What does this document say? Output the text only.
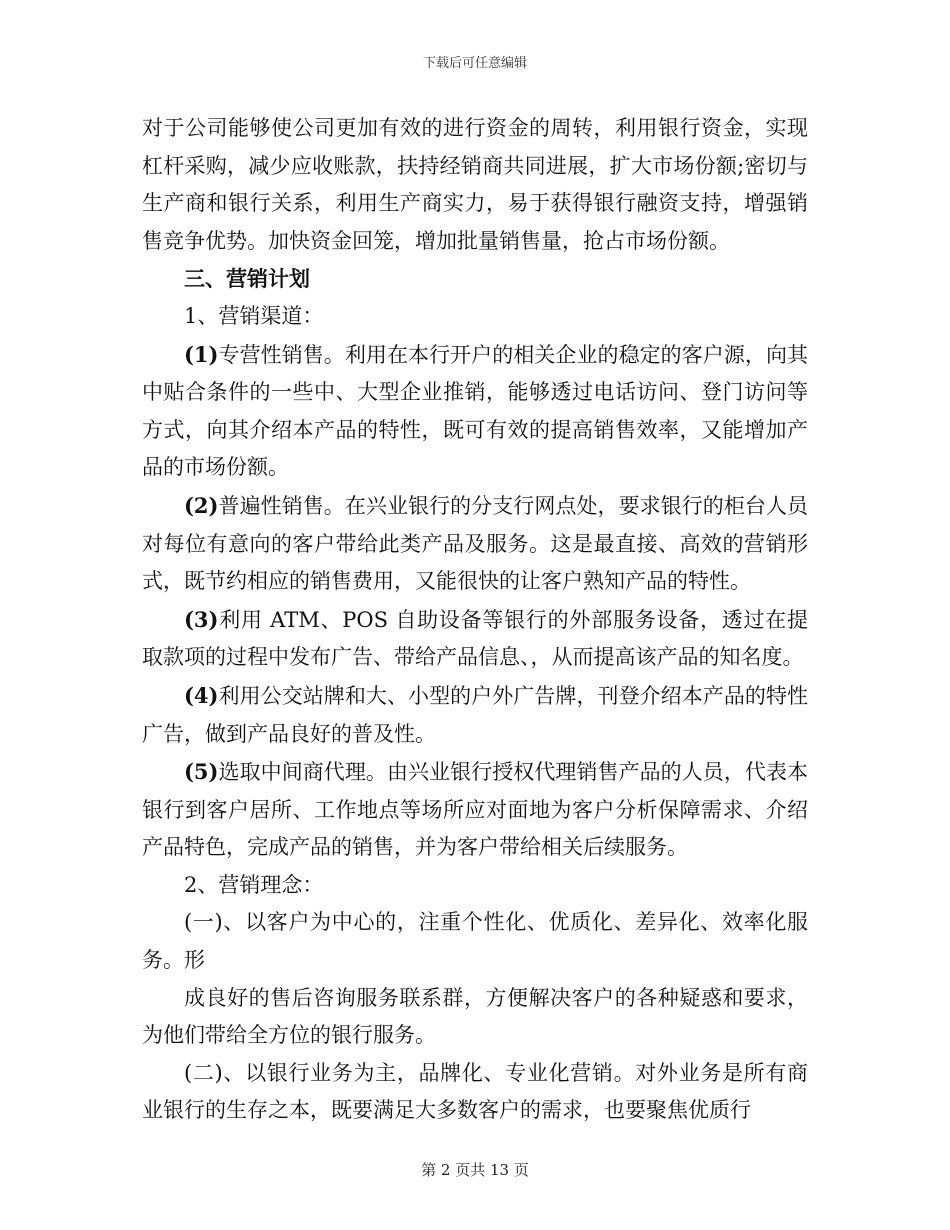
下载后可任意编辑

对于公司能够使公司更加有效的进行资金的周转，利用银行资金，实现杠杆采购，减少应收账款，扶持经销商共同进展，扩大市场份额;密切与生产商和银行关系，利用生产商实力，易于获得银行融资支持，增强销售竞争优势。加快资金回笼，增加批量销售量，抢占市场份额。

三、营销计划

1、营销渠道：

(1)专营性销售。利用在本行开户的相关企业的稳定的客户源，向其中贴合条件的一些中、大型企业推销，能够透过电话访问、登门访问等方式，向其介绍本产品的特性，既可有效的提高销售效率，又能增加产品的市场份额。

(2)普遍性销售。在兴业银行的分支行网点处，要求银行的柜台人员对每位有意向的客户带给此类产品及服务。这是最直接、高效的营销形式，既节约相应的销售费用，又能很快的让客户熟知产品的特性。

(3)利用 ATM、POS 自助设备等银行的外部服务设备，透过在提取款项的过程中发布广告、带给产品信息、，从而提高该产品的知名度。

(4)利用公交站牌和大、小型的户外广告牌，刊登介绍本产品的特性广告，做到产品良好的普及性。

(5)选取中间商代理。由兴业银行授权代理销售产品的人员，代表本银行到客户居所、工作地点等场所应对面地为客户分析保障需求、介绍产品特色，完成产品的销售，并为客户带给相关后续服务。

2、营销理念：

(一)、以客户为中心的，注重个性化、优质化、差异化、效率化服务。形

成良好的售后咨询服务联系群，方便解决客户的各种疑惑和要求，为他们带给全方位的银行服务。

(二)、以银行业务为主，品牌化、专业化营销。对外业务是所有商业银行的生存之本，既要满足大多数客户的需求，也要聚焦优质行

第 2 页共 13 页
